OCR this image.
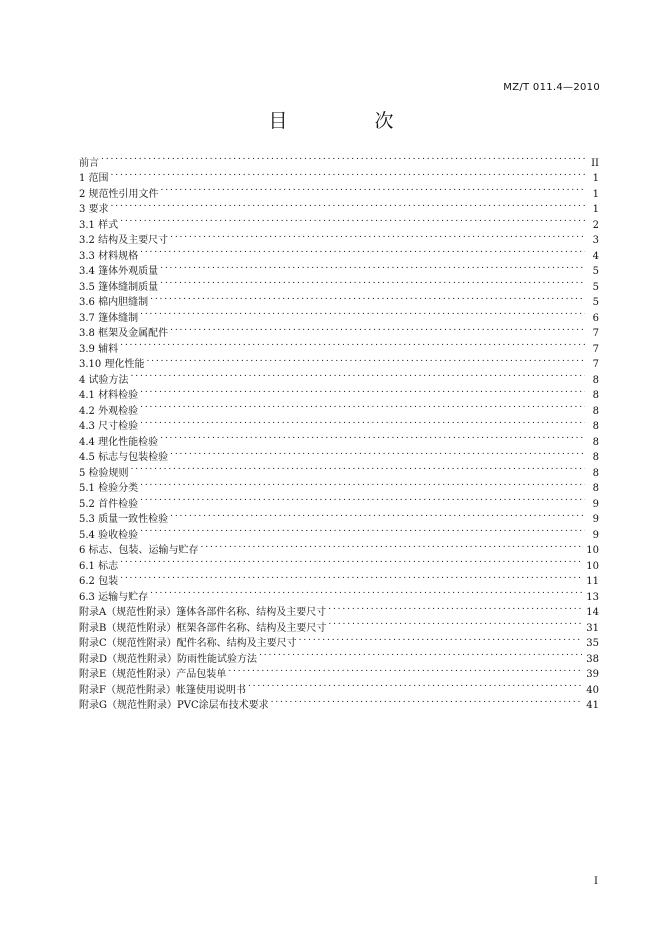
MZ/T 011.4—2010
目　次
前言 . . .	II
1 范围 . . .	1
2 规范性引用文件 . . .	1
3 要求 . . .	1
3.1 样式 . . .	2
3.2 结构及主要尺寸 . . .	3
3.3 材料规格 . . .	4
3.4 篷体外观质量 . . .	5
3.5 篷体缝制质量 . . .	5
3.6 棉内胆缝制 . . .	5
3.7 篷体缝制 . . .	6
3.8 框架及金属配件 . . .	7
3.9 辅料 . . .	7
3.10 理化性能 . . .	7
4 试验方法 . . .	8
4.1 材料检验 . . .	8
4.2 外观检验 . . .	8
4.3 尺寸检验 . . .	8
4.4 理化性能检验 . . .	8
4.5 标志与包装检验 . . .	8
5 检验规则 . . .	8
5.1 检验分类 . . .	8
5.2 首件检验 . . .	9
5.3 质量一致性检验 . . .	9
5.4 验收检验 . . .	9
6 标志、包装、运输与贮存 . . .	10
6.1 标志 . . .	10
6.2 包装 . . .	11
6.3 运输与贮存 . . .	13
附录A（规范性附录）篷体各部件名称、结构及主要尺寸 . . .	14
附录B（规范性附录）框架各部件名称、结构及主要尺寸 . . .	31
附录C（规范性附录）配件名称、结构及主要尺寸 . . .	35
附录D（规范性附录）防雨性能试验方法 . . .	38
附录E（规范性附录）产品包装单 . . .	39
附录F（规范性附录）帐篷使用说明书 . . .	40
附录G（规范性附录）PVC涂层布技术要求 . . .	41
I
